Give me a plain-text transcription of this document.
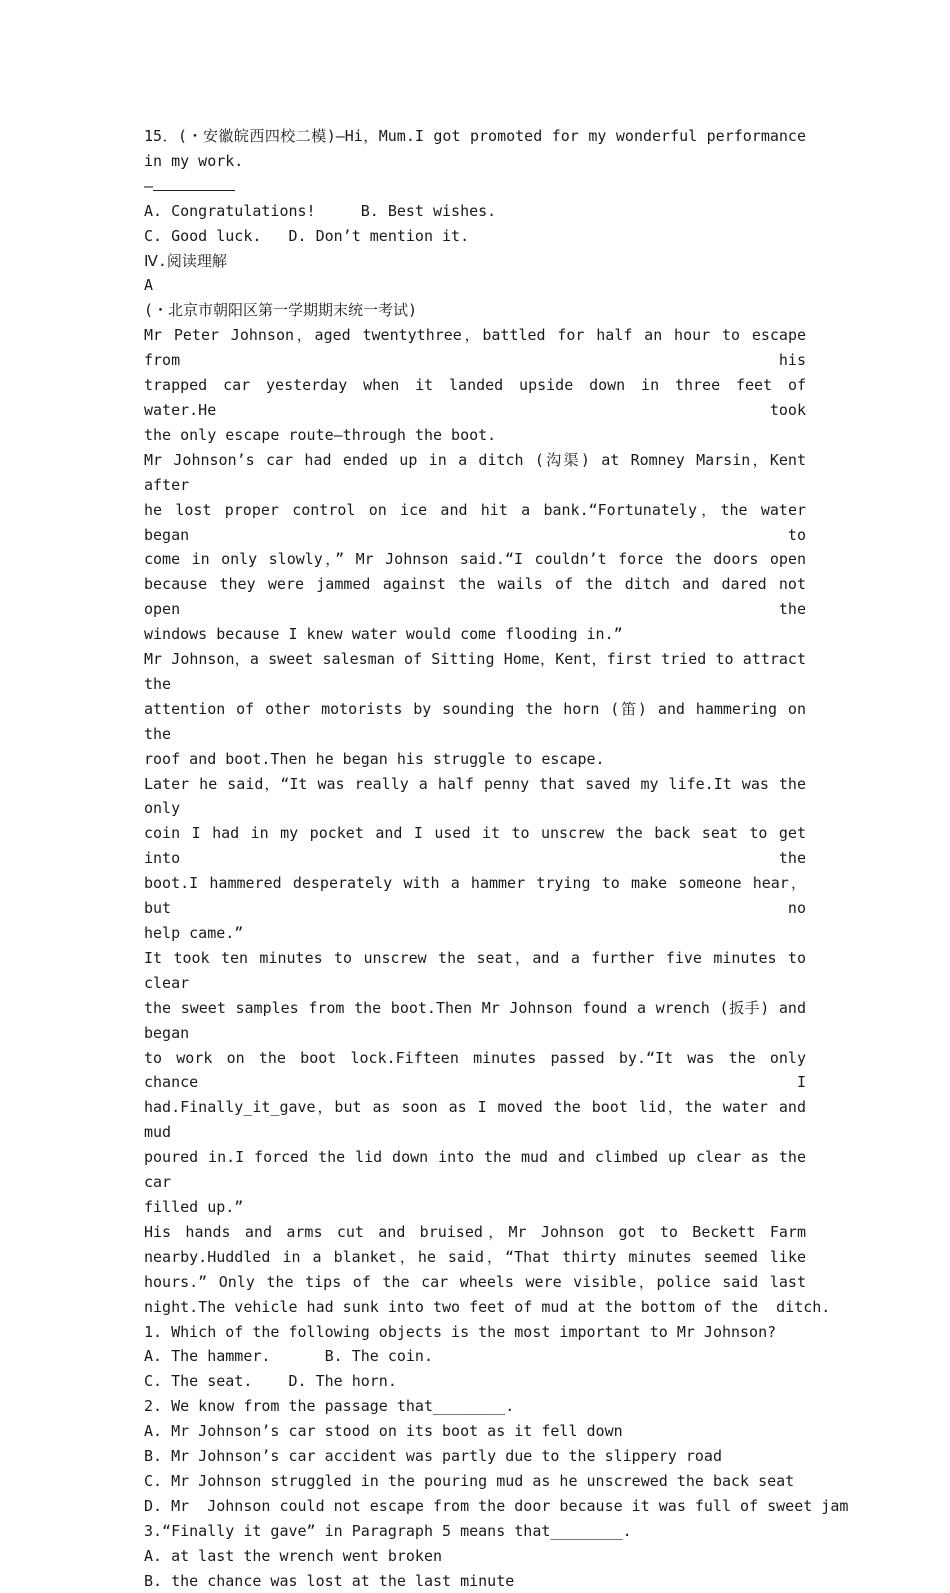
15．(・安徽皖西四校二模)—Hi，Mum.I got promoted for my wonderful performance
in my work.
—
A. Congratulations!     B. Best wishes.
C. Good luck.   D. Don’t mention it.
Ⅳ.阅读理解
A
(・北京市朝阳区第一学期期末统一考试)
Mr Peter Johnson，aged twentythree，battled for half an hour to escape from his
trapped car yesterday when it landed upside down in three feet of water.He took
the only escape route—through the boot.
Mr Johnson’s car had ended up in a ditch (沟渠) at Romney Marsin，Kent after
he lost proper control on ice and hit a bank.“Fortunately，the water began to
come in only slowly，” Mr Johnson said.“I couldn’t force the doors open
because they were jammed against the wails of the ditch and dared not open the
windows because I knew water would come flooding in.”
Mr Johnson，a sweet salesman of Sitting Home，Kent，first tried to attract the
attention of other motorists by sounding the horn (笛) and hammering on the
roof and boot.Then he began his struggle to escape.
Later he said，“It was really a half penny that saved my life.It was the only
coin I had in my pocket and I used it to unscrew the back seat to get into the
boot.I hammered desperately with a hammer trying to make someone hear，but no
help came.”
It took ten minutes to unscrew the seat，and a further five minutes to clear
the sweet samples from the boot.Then Mr Johnson found a wrench (扳手) and began
to work on the boot lock.Fifteen minutes passed by.“It was the only chance I
had.Finally_it_gave，but as soon as I moved the boot lid，the water and mud
poured in.I forced the lid down into the mud and climbed up clear as the car
filled up.”
His hands and arms cut and bruised，Mr Johnson got to Beckett Farm
nearby.Huddled in a blanket，he said，“That thirty minutes seemed like
hours.” Only the tips of the car wheels were visible，police said last
night.The vehicle had sunk into two feet of mud at the bottom of the  ditch.
1. Which of the following objects is the most important to Mr Johnson?
A. The hammer.      B. The coin.
C. The seat.    D. The horn.
2. We know from the passage that________.
A. Mr Johnson’s car stood on its boot as it fell down
B. Mr Johnson’s car accident was partly due to the slippery road
C. Mr Johnson struggled in the pouring mud as he unscrewed the back seat
D. Mr  Johnson could not escape from the door because it was full of sweet jam
3.“Finally it gave” in Paragraph 5 means that________.
A. at last the wrench went broken
B. the chance was lost at the last minute
